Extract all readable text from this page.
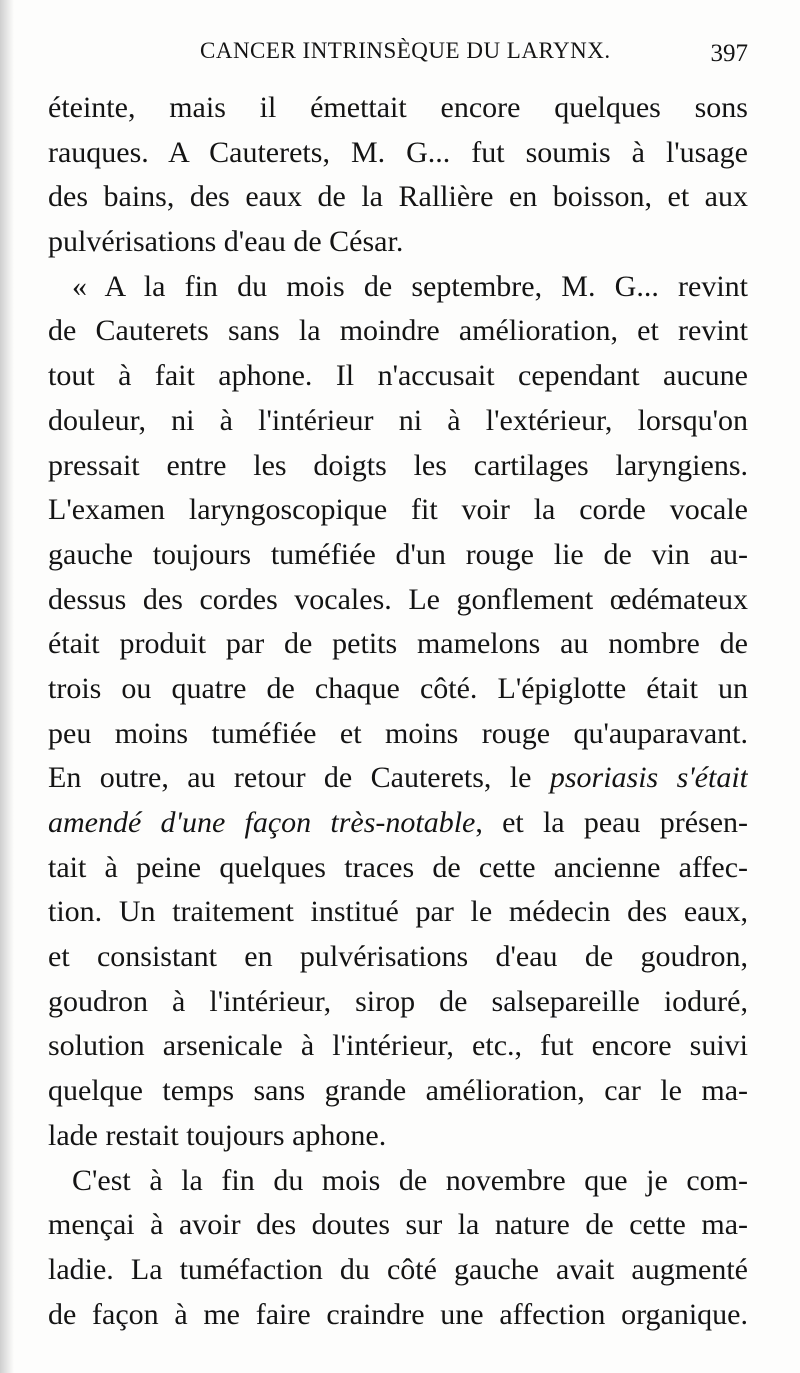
CANCER INTRINSÈQUE DU LARYNX.	397
éteinte, mais il émettait encore quelques sons
rauques. A Cauterets, M. G... fut soumis à l'usage
des bains, des eaux de la Rallière en boisson, et aux
pulvérisations d'eau de César.
« A la fin du mois de septembre, M. G... revint
de Cauterets sans la moindre amélioration, et revint
tout à fait aphone. Il n'accusait cependant aucune
douleur, ni à l'intérieur ni à l'extérieur, lorsqu'on
pressait entre les doigts les cartilages laryngiens.
L'examen laryngoscopique fit voir la corde vocale
gauche toujours tuméfiée d'un rouge lie de vin au-
dessus des cordes vocales. Le gonflement œdémateux
était produit par de petits mamelons au nombre de
trois ou quatre de chaque côté. L'épiglotte était un
peu moins tuméfiée et moins rouge qu'auparavant.
En outre, au retour de Cauterets, le psoriasis s'était
amendé d'une façon très-notable, et la peau présen-
tait à peine quelques traces de cette ancienne affec-
tion. Un traitement institué par le médecin des eaux,
et consistant en pulvérisations d'eau de goudron,
goudron à l'intérieur, sirop de salsepareille ioduré,
solution arsenicale à l'intérieur, etc., fut encore suivi
quelque temps sans grande amélioration, car le ma-
lade restait toujours aphone.
C'est à la fin du mois de novembre que je com-
mençai à avoir des doutes sur la nature de cette ma-
ladie. La tuméfaction du côté gauche avait augmenté
de façon à me faire craindre une affection organique.
